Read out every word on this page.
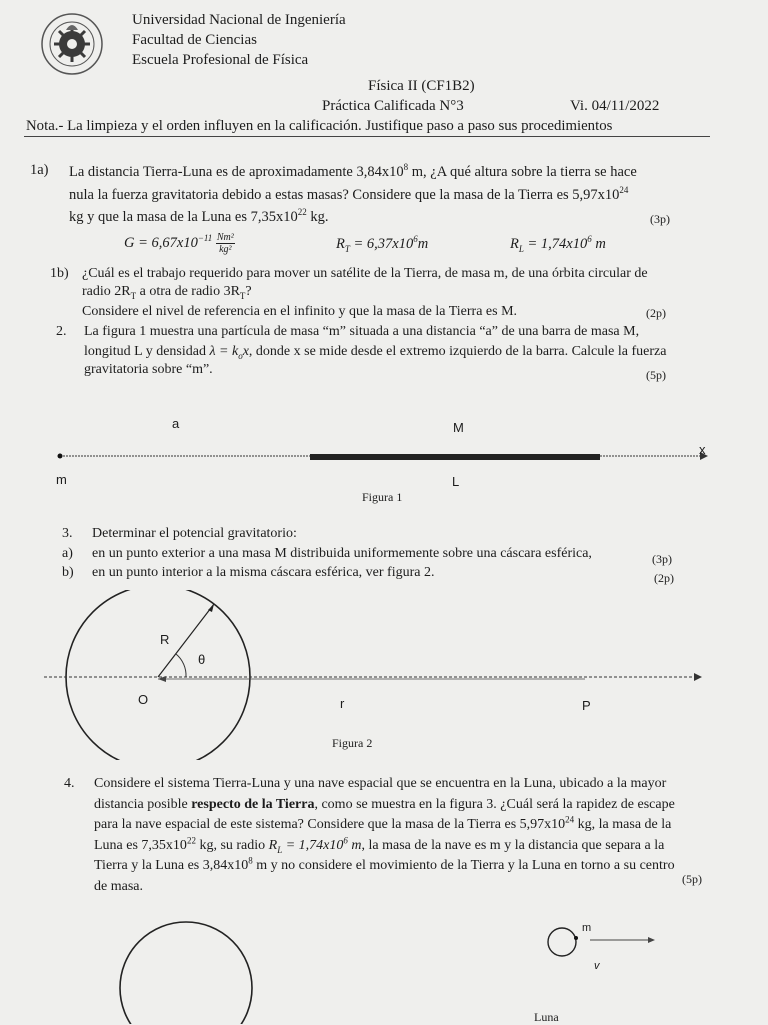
Universidad Nacional de Ingeniería
Facultad de Ciencias
Escuela Profesional de Física
Física II (CF1B2)
Práctica Calificada N°3	Vi. 04/11/2022
Nota.- La limpieza y el orden influyen en la calificación. Justifique paso a paso sus procedimientos
1a) La distancia Tierra-Luna es de aproximadamente $3,84x10^8$ m, ¿A qué altura sobre la tierra se hace
nula la fuerza gravitatoria debido a estas masas? Considere que la masa de la Tierra es $5,97x10^{24}$
kg y que la masa de la Luna es $7,35x10^{22}$ kg.	(3p)
$G = 6,67x10^{-11} \frac{\text{Nm²}}{\text{kg²}}$	$R_T = 6,37x10^6m$	$R_L = 1,74x10^6$ m
1b) ¿Cuál es el trabajo requerido para mover un satélite de la Tierra, de masa m, de una órbita circular de
radio $2R_T$ a otra de radio $3R_T$?
Considere el nivel de referencia en el infinito y que la masa de la Tierra es M.	(2p)
2. La figura 1 muestra una partícula de masa “m” situada a una distancia “a” de una barra de masa M,
longitud L y densidad $\lambda = k_ox$, donde x se mide desde el extremo izquierdo de la barra. Calcule la fuerza
gravitatoria sobre “m”.	(5p)
a	M
x
m	L
Figura 1
3. Determinar el potencial gravitatorio:
a) en un punto exterior a una masa M distribuida uniformemente sobre una cáscara esférica,	(3p)
b) en un punto interior a la misma cáscara esférica, ver figura 2.	(2p)
R
θ
O	r	P
Figura 2
4. Considere el sistema Tierra-Luna y una nave espacial que se encuentra en la Luna, ubicado a la mayor
distancia posible respecto de la Tierra, como se muestra en la figura 3. ¿Cuál será la rapidez de escape
para la nave espacial de este sistema? Considere que la masa de la Tierra es $5,97x10^{24}$ kg, la masa de la
Luna es $7,35x10^{22}$ kg, su radio $R_L = 1,74x10^6$ m, la masa de la nave es m y la distancia que separa a la
Tierra y la Luna es $3,84x10^8$ m y no considere el movimiento de la Tierra y la Luna en torno a su centro
de masa.	(5p)
m
v
Luna
